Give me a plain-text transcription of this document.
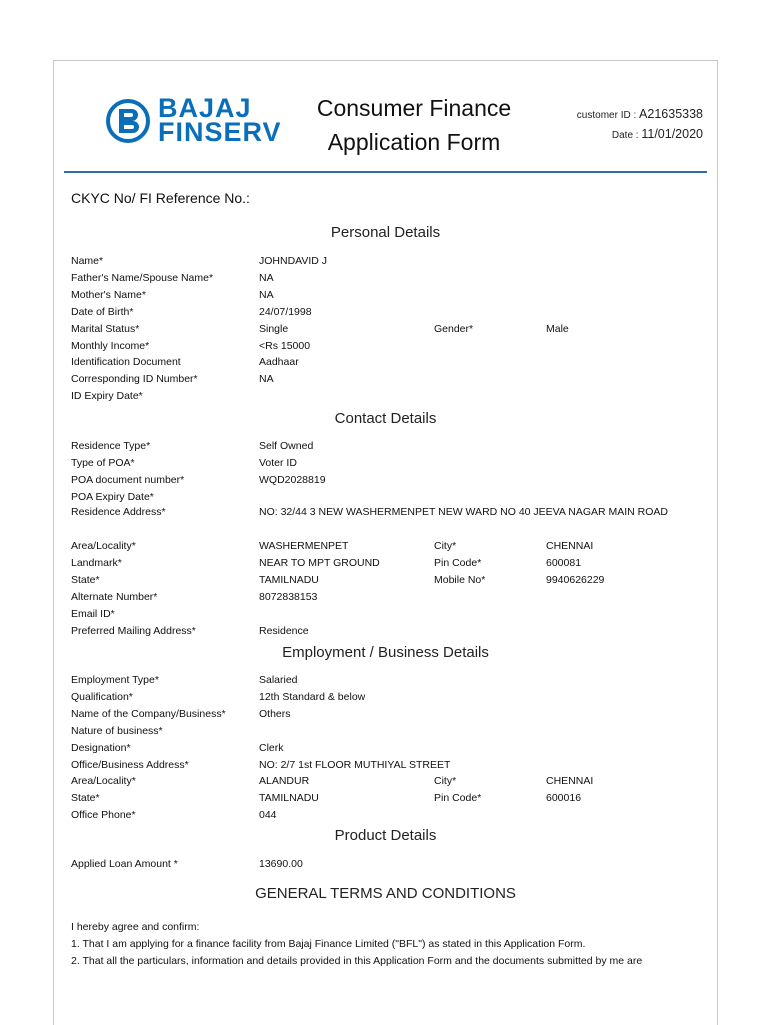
BAJAJ
FINSERV
Consumer Finance
Application Form
customer ID : A21635338
Date : 11/01/2020
CKYC No/ FI Reference No.:
Personal Details
Name*	JOHNDAVID J
Father's Name/Spouse Name*	NA
Mother's Name*	NA
Date of Birth*	24/07/1998
Marital Status*	Single	Gender*	Male
Monthly Income*	<Rs 15000
Identification Document	Aadhaar
Corresponding ID Number*	NA
ID Expiry Date*
Contact Details
Residence Type*	Self Owned
Type of POA*	Voter ID
POA document number*	WQD2028819
POA Expiry Date*
Residence Address*	NO: 32/44 3 NEW WASHERMENPET NEW WARD NO 40 JEEVA NAGAR MAIN ROAD
Area/Locality*	WASHERMENPET	City*	CHENNAI
Landmark*	NEAR TO MPT GROUND	Pin Code*	600081
State*	TAMILNADU	Mobile No*	9940626229
Alternate Number*	8072838153
Email ID*
Preferred Mailing Address*	Residence
Employment / Business Details
Employment Type*	Salaried
Qualification*	12th Standard & below
Name of the Company/Business*	Others
Nature of business*
Designation*	Clerk
Office/Business Address*	NO: 2/7 1st FLOOR MUTHIYAL STREET
Area/Locality*	ALANDUR	City*	CHENNAI
State*	TAMILNADU	Pin Code*	600016
Office Phone*	044
Product Details
Applied Loan Amount *	13690.00
GENERAL TERMS AND CONDITIONS
I hereby agree and confirm:
1. That I am applying for a finance facility from Bajaj Finance Limited ("BFL") as stated in this Application Form.
2. That all the particulars, information and details provided in this Application Form and the documents submitted by me are
